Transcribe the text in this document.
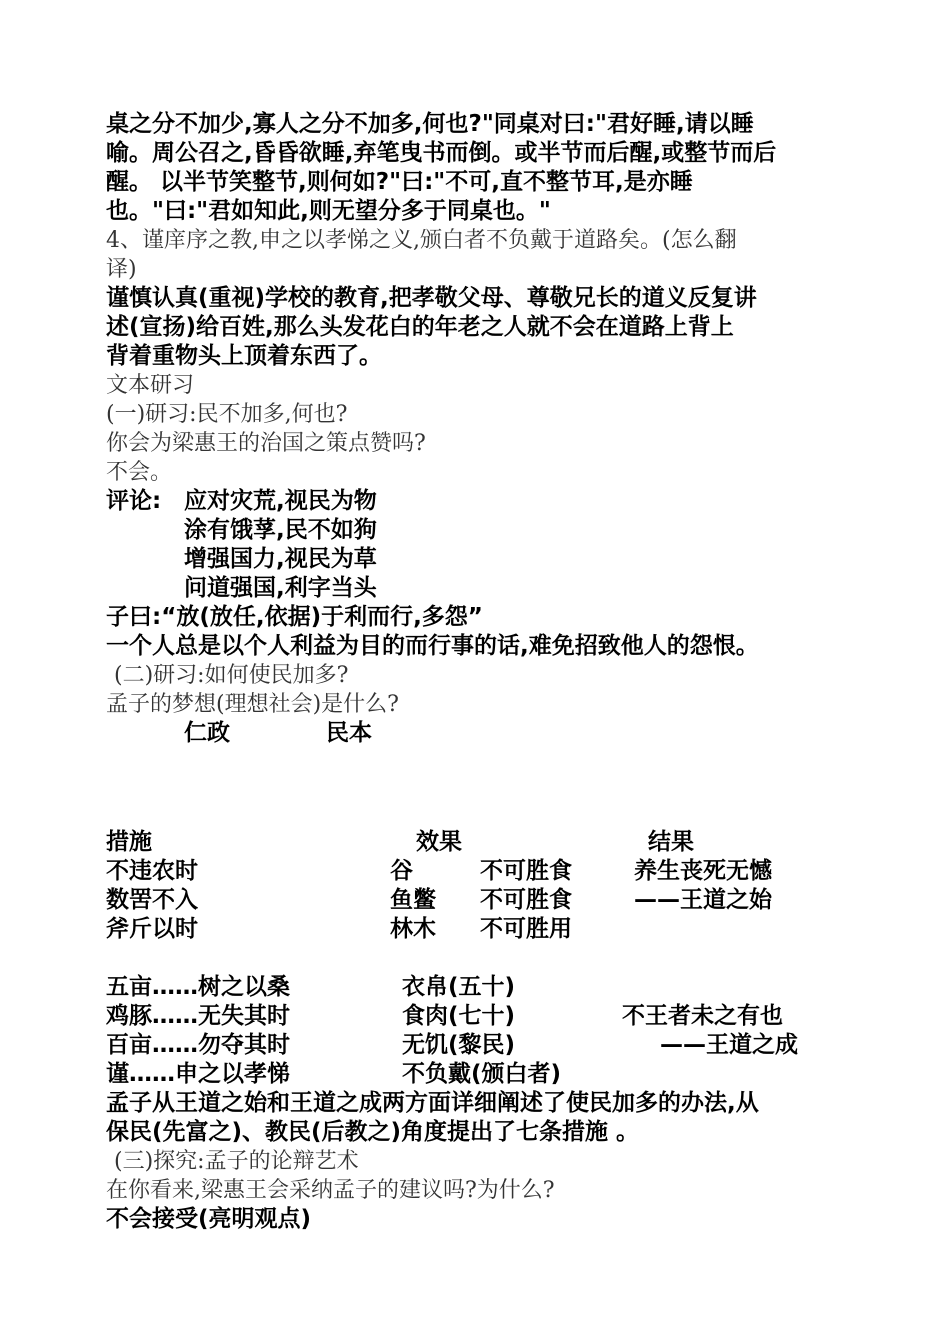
桌之分不加少,寡人之分不加多,何也?"同桌对曰:"君好睡,请以睡
喻。周公召之,昏昏欲睡,弃笔曳书而倒。或半节而后醒,或整节而后
醒。 以半节笑整节,则何如?"曰:"不可,直不整节耳,是亦睡
也。"曰:"君如知此,则无望分多于同桌也。"
4、谨庠序之教,申之以孝悌之义,颁白者不负戴于道路矣。(怎么翻
译)
谨慎认真(重视)学校的教育,把孝敬父母、尊敬兄长的道义反复讲
述(宣扬)给百姓,那么头发花白的年老之人就不会在道路上背上
背着重物头上顶着东西了。
文本研习
(一)研习:民不加多,何也?
你会为梁惠王的治国之策点赞吗?
不会。
评论: 应对灾荒,视民为物
涂有饿莩,民不如狗
增强国力,视民为草
问道强国,利字当头
子曰:“放(放任,依据)于利而行,多怨”
一个人总是以个人利益为目的而行事的话,难免招致他人的怨恨。
(二)研习:如何使民加多?
孟子的梦想(理想社会)是什么?
仁政	民本
措施	效果	结果
不违农时	谷	不可胜食	养生丧死无憾
数罟不入	鱼鳖 不可胜食	——王道之始
斧斤以时	林木 不可胜用
五亩……树之以桑	衣帛(五十)
鸡豚……无失其时	食肉(七十)	不王者未之有也
百亩……勿夺其时	无饥(黎民)	——王道之成
谨……申之以孝悌	不负戴(颁白者)
孟子从王道之始和王道之成两方面详细阐述了使民加多的办法,从
保民(先富之)、教民(后教之)角度提出了七条措施 。
(三)探究:孟子的论辩艺术
在你看来,梁惠王会采纳孟子的建议吗?为什么?
不会接受(亮明观点)
